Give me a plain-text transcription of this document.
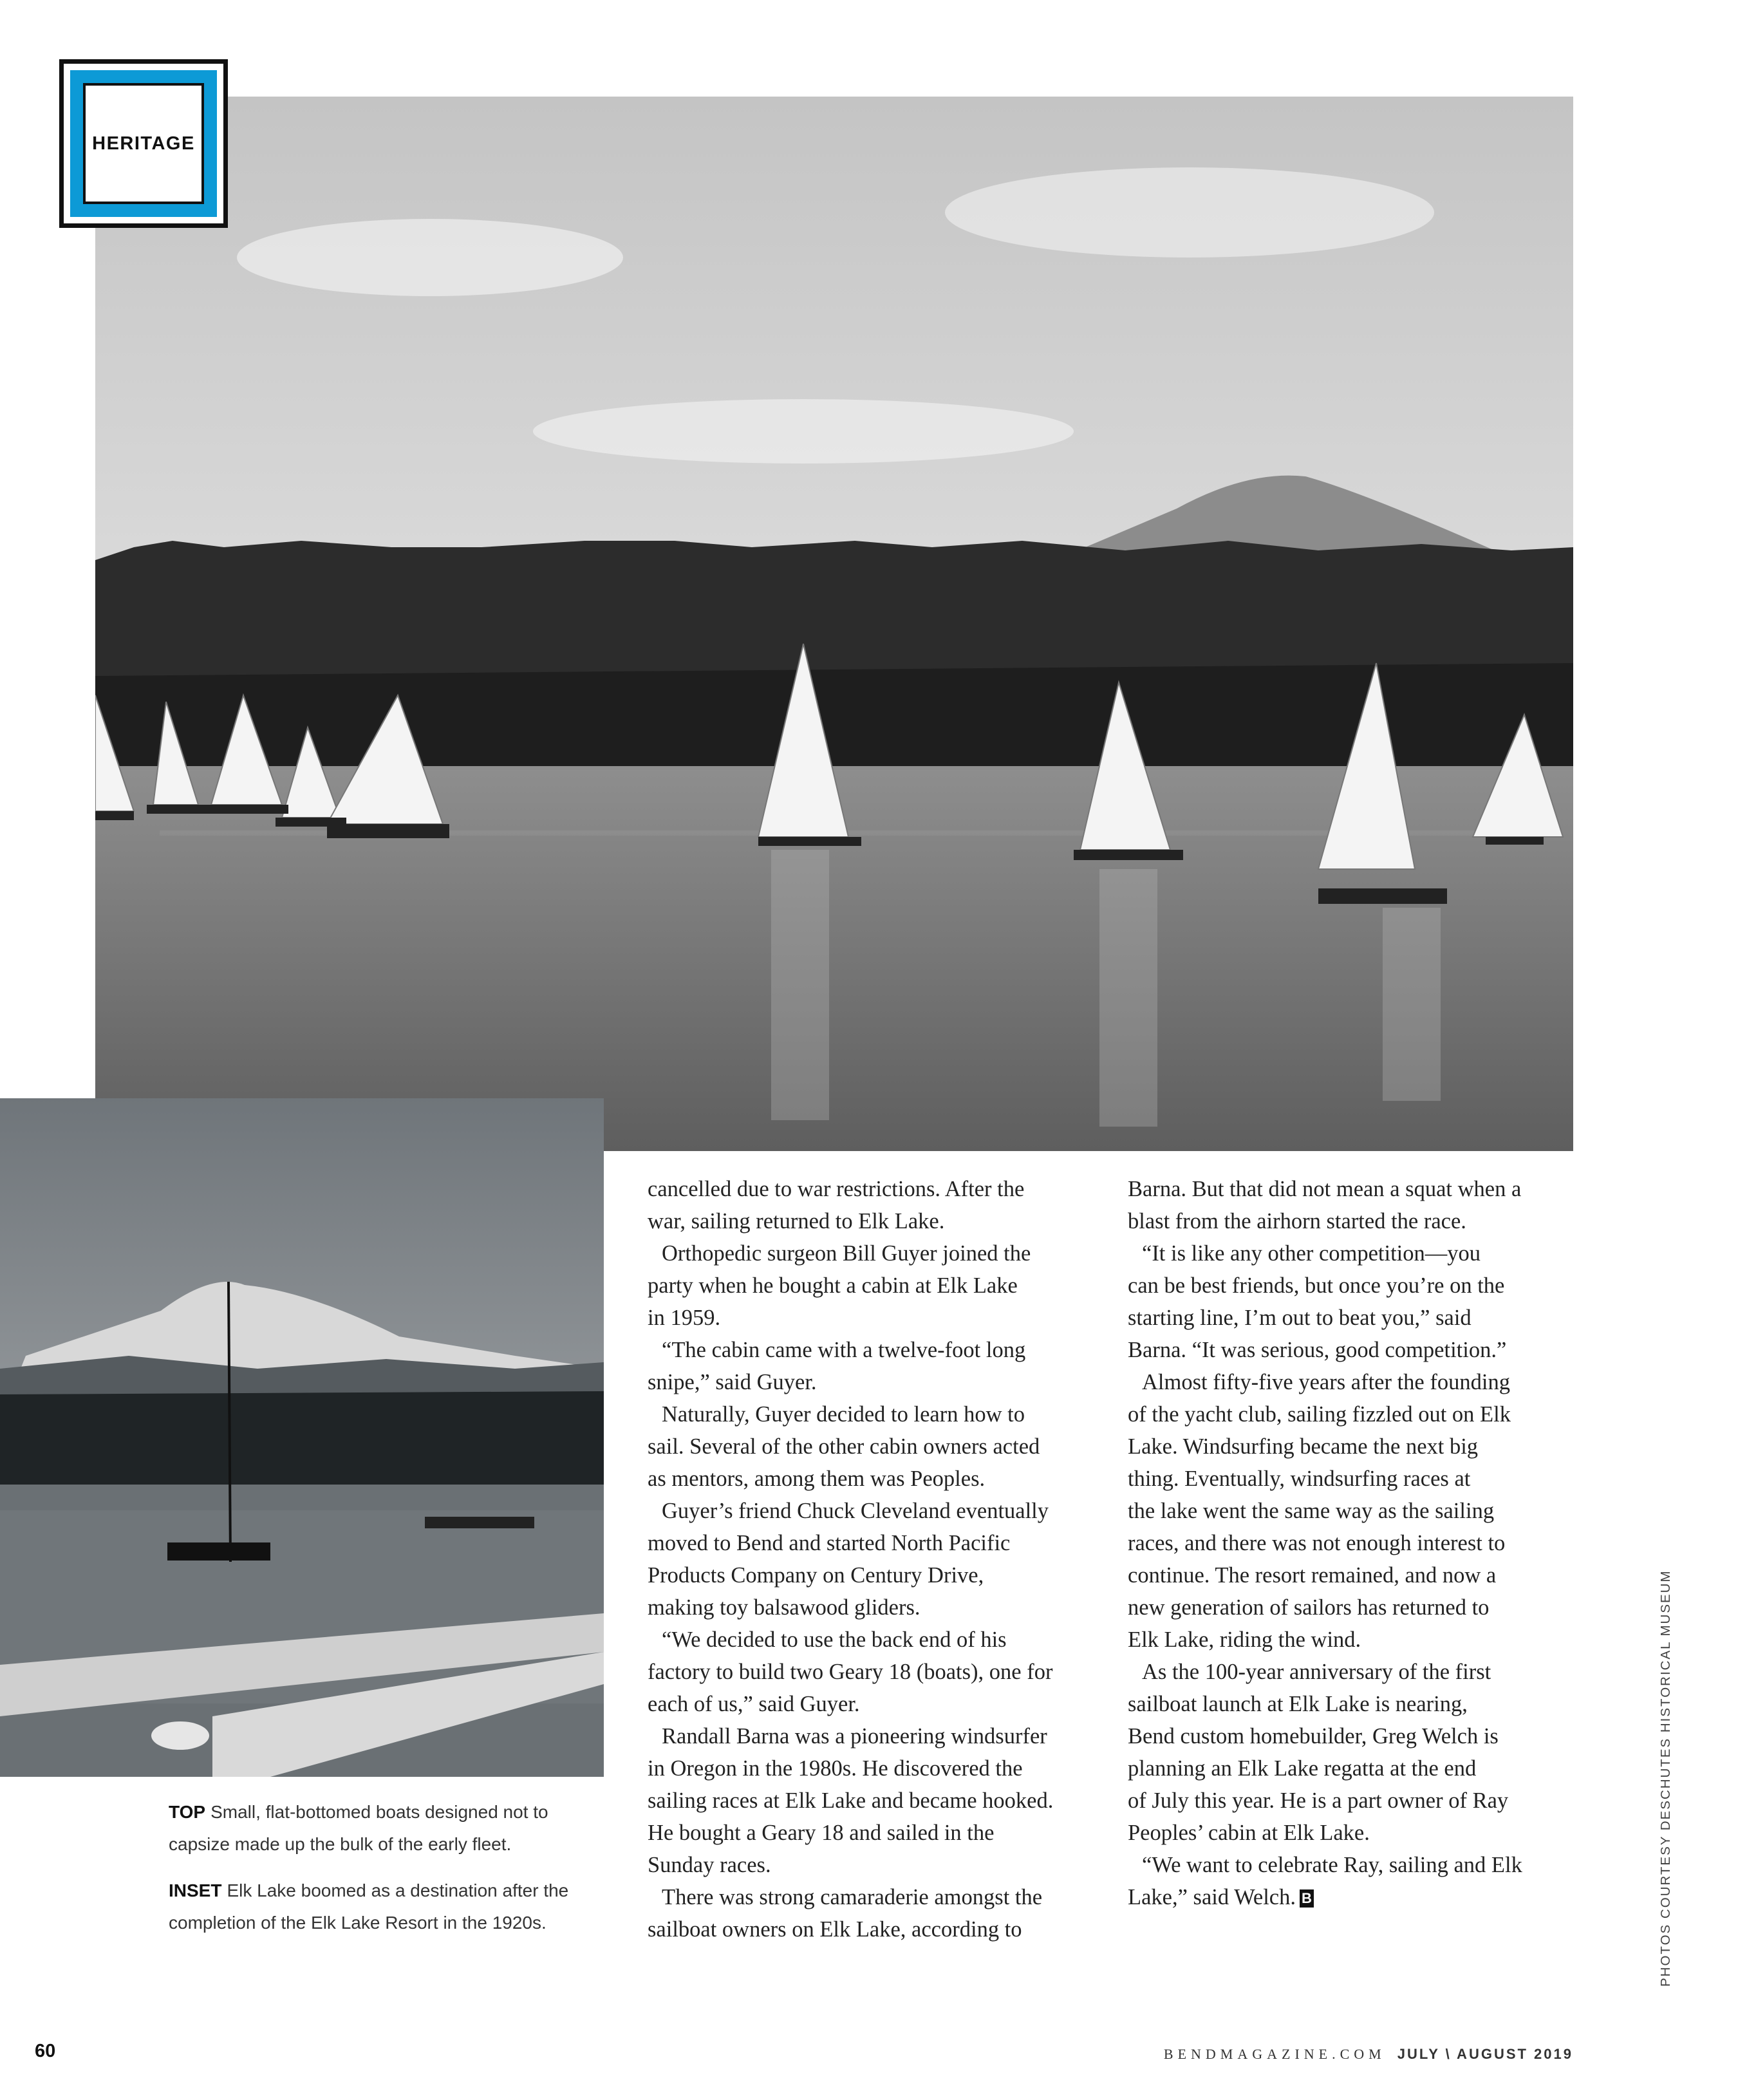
HERITAGE

cancelled due to war restrictions. After the

war, sailing returned to Elk Lake.

Orthopedic surgeon Bill Guyer joined the

party when he bought a cabin at Elk Lake

in 1959.

“The cabin came with a twelve-foot long

snipe,” said Guyer.

Naturally, Guyer decided to learn how to

sail. Several of the other cabin owners acted

as mentors, among them was Peoples.

Guyer’s friend Chuck Cleveland eventually

moved to Bend and started North Pacific

Products Company on Century Drive,

making toy balsawood gliders.

“We decided to use the back end of his

factory to build two Geary 18 (boats), one for

each of us,” said Guyer.

Randall Barna was a pioneering windsurfer

in Oregon in the 1980s. He discovered the

sailing races at Elk Lake and became hooked.

He bought a Geary 18 and sailed in the

Sunday races.

There was strong camaraderie amongst the

sailboat owners on Elk Lake, according to

Barna. But that did not mean a squat when a

blast from the airhorn started the race.

“It is like any other competition—you

can be best friends, but once you’re on the

starting line, I’m out to beat you,” said

Barna. “It was serious, good competition.”

Almost fifty-five years after the founding

of the yacht club, sailing fizzled out on Elk

Lake. Windsurfing became the next big

thing. Eventually, windsurfing races at

the lake went the same way as the sailing

races, and there was not enough interest to

continue. The resort remained, and now a

new generation of sailors has returned to

Elk Lake, riding the wind.

As the 100-year anniversary of the first

sailboat launch at Elk Lake is nearing,

Bend custom homebuilder, Greg Welch is

planning an Elk Lake regatta at the end

of July this year. He is a part owner of Ray

Peoples’ cabin at Elk Lake.

“We want to celebrate Ray, sailing and Elk

Lake,” said Welch. B

TOP Small, flat-bottomed boats designed not to capsize made up the bulk of the early fleet.

INSET Elk Lake boomed as a destination after the completion of the Elk Lake Resort in the 1920s.	PHOTOS COURTESY DESCHUTES HISTORICAL MUSEUM
60	BENDMAGAZINE.COM JULY \ AUGUST 2019
